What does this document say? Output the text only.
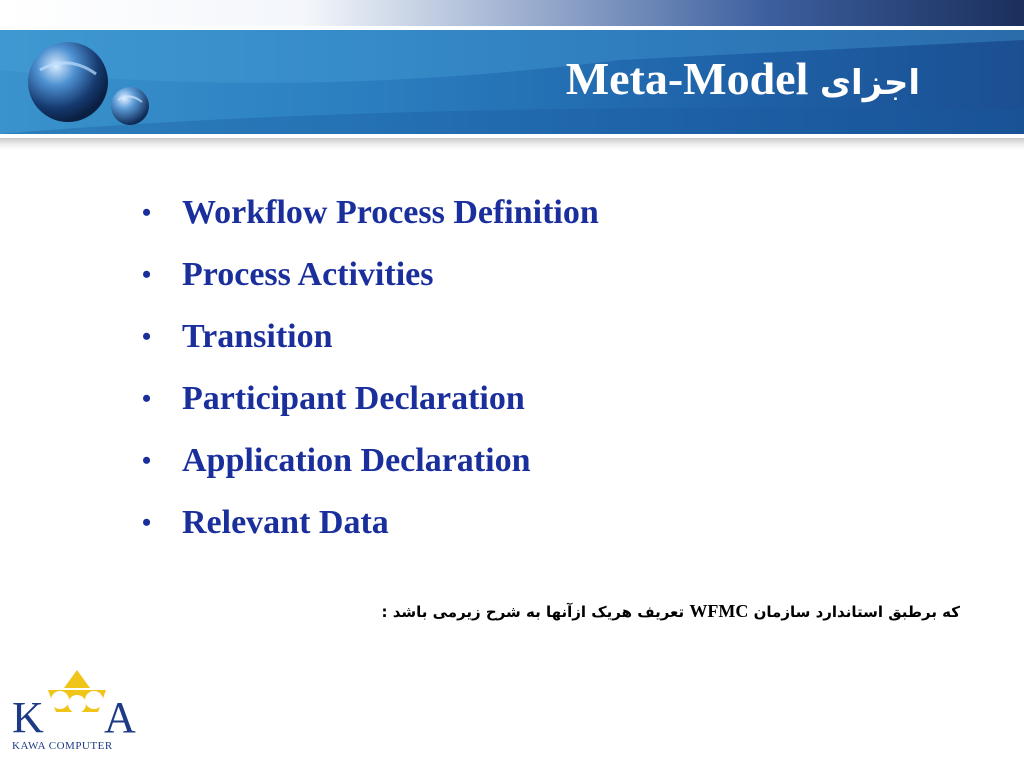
Meta-Model اجزای
• Workflow Process Definition
• Process Activities
• Transition
• Participant Declaration
• Application Declaration
• Relevant Data
که برطبق استاندارد سازمان WFMC تعریف هریک ازآنها به شرح زیرمی باشد :
K A
KAWA COMPUTER
